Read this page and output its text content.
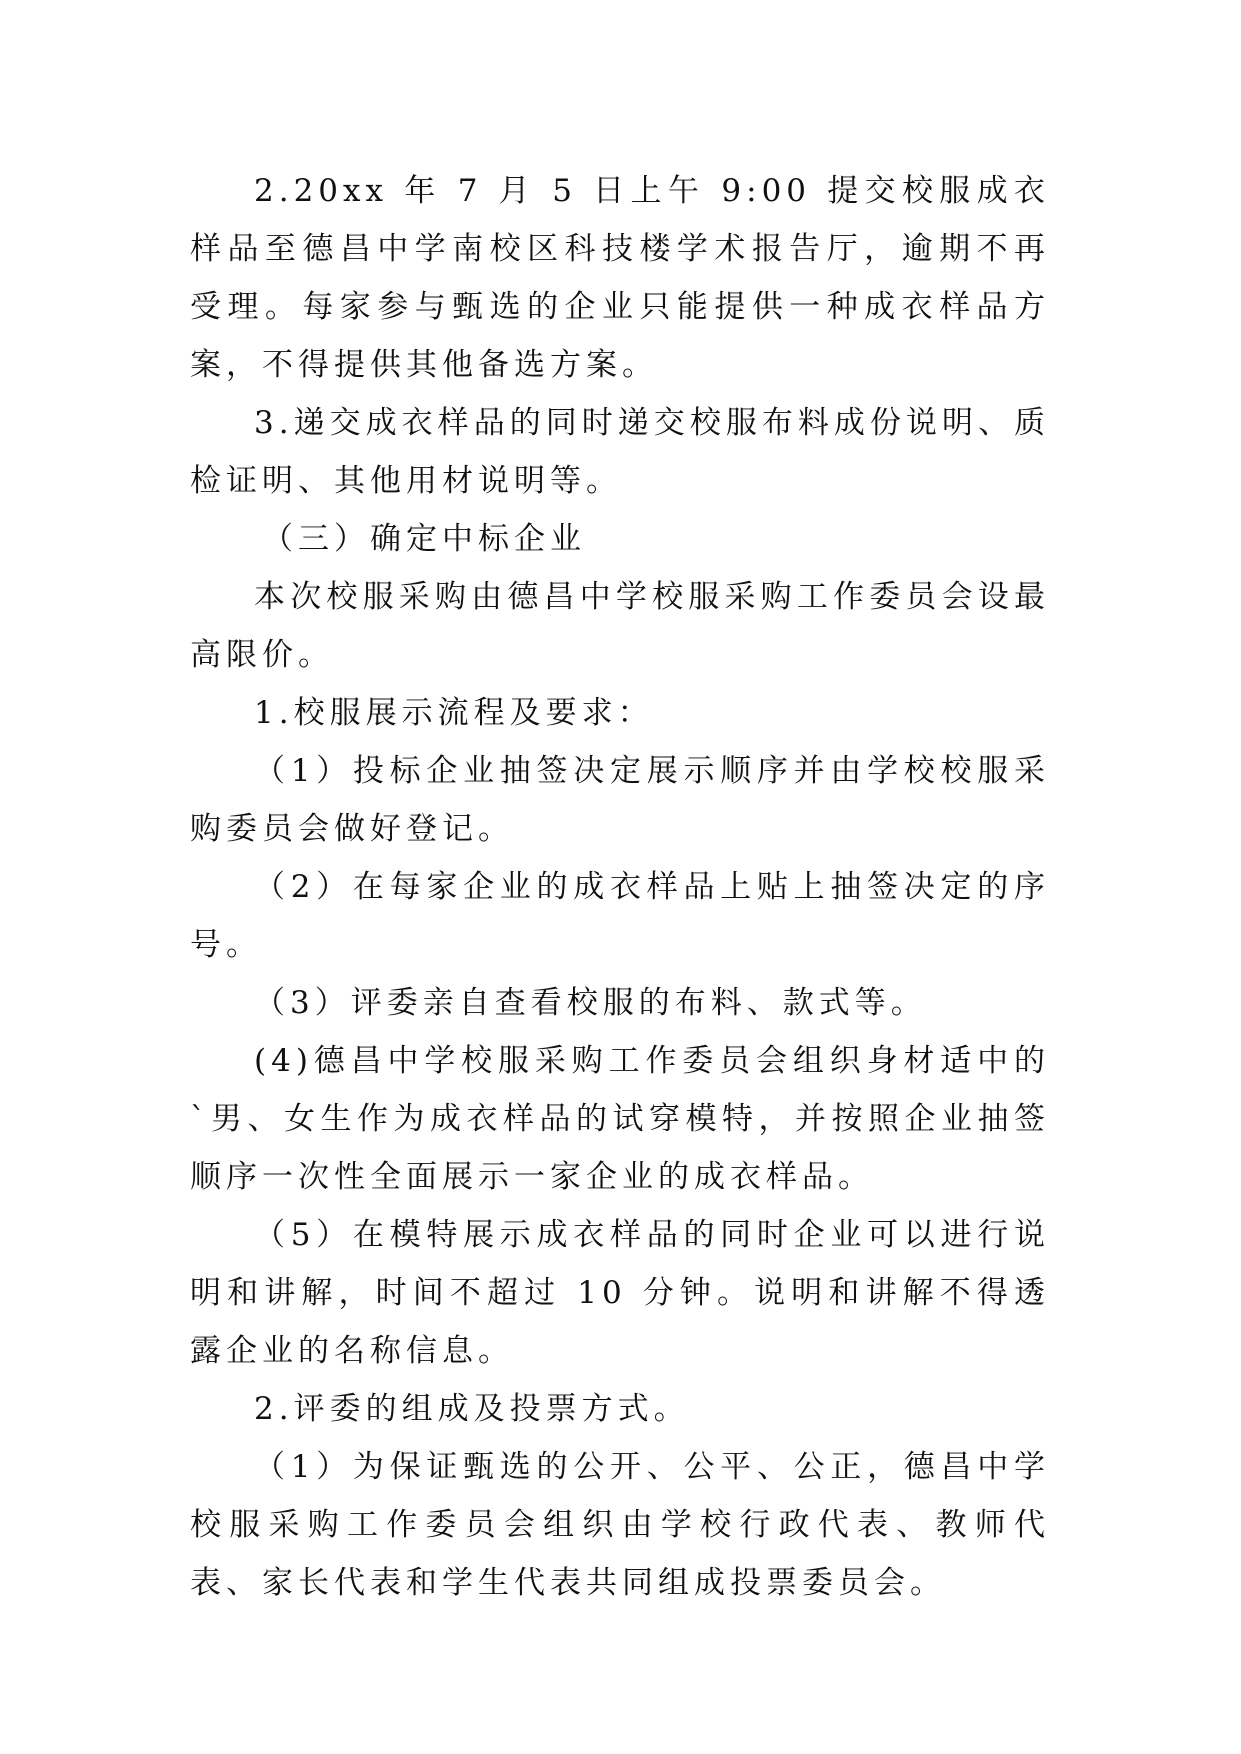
2.20xx 年 7 月 5 日上午 9:00 提交校服成衣样品至德昌中学南校区科技楼学术报告厅，逾期不再受理。每家参与甄选的企业只能提供一种成衣样品方案，不得提供其他备选方案。

3.递交成衣样品的同时递交校服布料成份说明、质检证明、其他用材说明等。

（三）确定中标企业

本次校服采购由德昌中学校服采购工作委员会设最高限价。

1.校服展示流程及要求：

（1）投标企业抽签决定展示顺序并由学校校服采购委员会做好登记。

（2）在每家企业的成衣样品上贴上抽签决定的序号。

（3）评委亲自查看校服的布料、款式等。

(4)德昌中学校服采购工作委员会组织身材适中的`男、女生作为成衣样品的试穿模特，并按照企业抽签顺序一次性全面展示一家企业的成衣样品。

（5）在模特展示成衣样品的同时企业可以进行说明和讲解，时间不超过 10 分钟。说明和讲解不得透露企业的名称信息。

2.评委的组成及投票方式。

（1）为保证甄选的公开、公平、公正，德昌中学校服采购工作委员会组织由学校行政代表、教师代表、家长代表和学生代表共同组成投票委员会。
